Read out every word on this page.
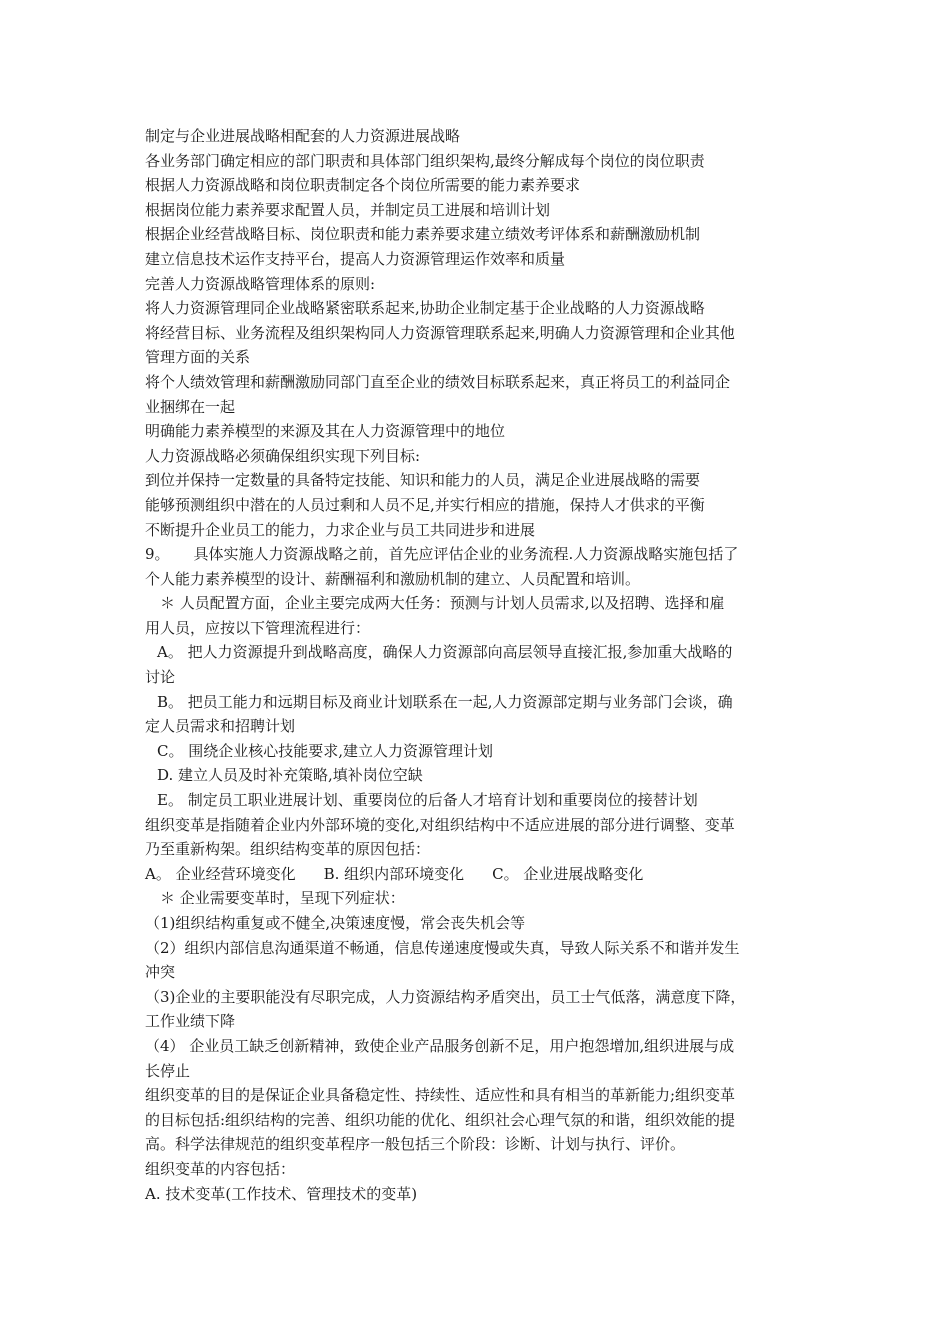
制定与企业进展战略相配套的人力资源进展战略
各业务部门确定相应的部门职责和具体部门组织架构,最终分解成每个岗位的岗位职责
根据人力资源战略和岗位职责制定各个岗位所需要的能力素养要求
根据岗位能力素养要求配置人员，并制定员工进展和培训计划
根据企业经营战略目标、岗位职责和能力素养要求建立绩效考评体系和薪酬激励机制
建立信息技术运作支持平台，提高人力资源管理运作效率和质量
完善人力资源战略管理体系的原则:
将人力资源管理同企业战略紧密联系起来,协助企业制定基于企业战略的人力资源战略
将经营目标、业务流程及组织架构同人力资源管理联系起来,明确人力资源管理和企业其他
管理方面的关系
将个人绩效管理和薪酬激励同部门直至企业的绩效目标联系起来，真正将员工的利益同企
业捆绑在一起
明确能力素养模型的来源及其在人力资源管理中的地位
人力资源战略必须确保组织实现下列目标:
到位并保持一定数量的具备特定技能、知识和能力的人员，满足企业进展战略的需要
能够预测组织中潜在的人员过剩和人员不足,并实行相应的措施，保持人才供求的平衡
不断提升企业员工的能力，力求企业与员工共同进步和进展
9。 具体实施人力资源战略之前，首先应评估企业的业务流程.人力资源战略实施包括了
个人能力素养模型的设计、薪酬福利和激励机制的建立、人员配置和培训。
＊ 人员配置方面，企业主要完成两大任务：预测与计划人员需求,以及招聘、选择和雇
用人员，应按以下管理流程进行：
A。 把人力资源提升到战略高度，确保人力资源部向高层领导直接汇报,参加重大战略的
讨论
B。 把员工能力和远期目标及商业计划联系在一起,人力资源部定期与业务部门会谈，确
定人员需求和招聘计划
C。 围绕企业核心技能要求,建立人力资源管理计划
D. 建立人员及时补充策略,填补岗位空缺
E。 制定员工职业进展计划、重要岗位的后备人才培育计划和重要岗位的接替计划
组织变革是指随着企业内外部环境的变化,对组织结构中不适应进展的部分进行调整、变革
乃至重新构架。组织结构变革的原因包括：
A。 企业经营环境变化 B. 组织内部环境变化 C。 企业进展战略变化
＊ 企业需要变革时，呈现下列症状：
（1)组织结构重复或不健全,决策速度慢，常会丧失机会等
（2）组织内部信息沟通渠道不畅通，信息传递速度慢或失真，导致人际关系不和谐并发生
冲突
（3)企业的主要职能没有尽职完成，人力资源结构矛盾突出，员工士气低落，满意度下降，
工作业绩下降
（4） 企业员工缺乏创新精神，致使企业产品服务创新不足，用户抱怨增加,组织进展与成
长停止
组织变革的目的是保证企业具备稳定性、持续性、适应性和具有相当的革新能力;组织变革
的目标包括:组织结构的完善、组织功能的优化、组织社会心理气氛的和谐，组织效能的提
高。科学法律规范的组织变革程序一般包括三个阶段：诊断、计划与执行、评价。
组织变革的内容包括：
A. 技术变革(工作技术、管理技术的变革)
